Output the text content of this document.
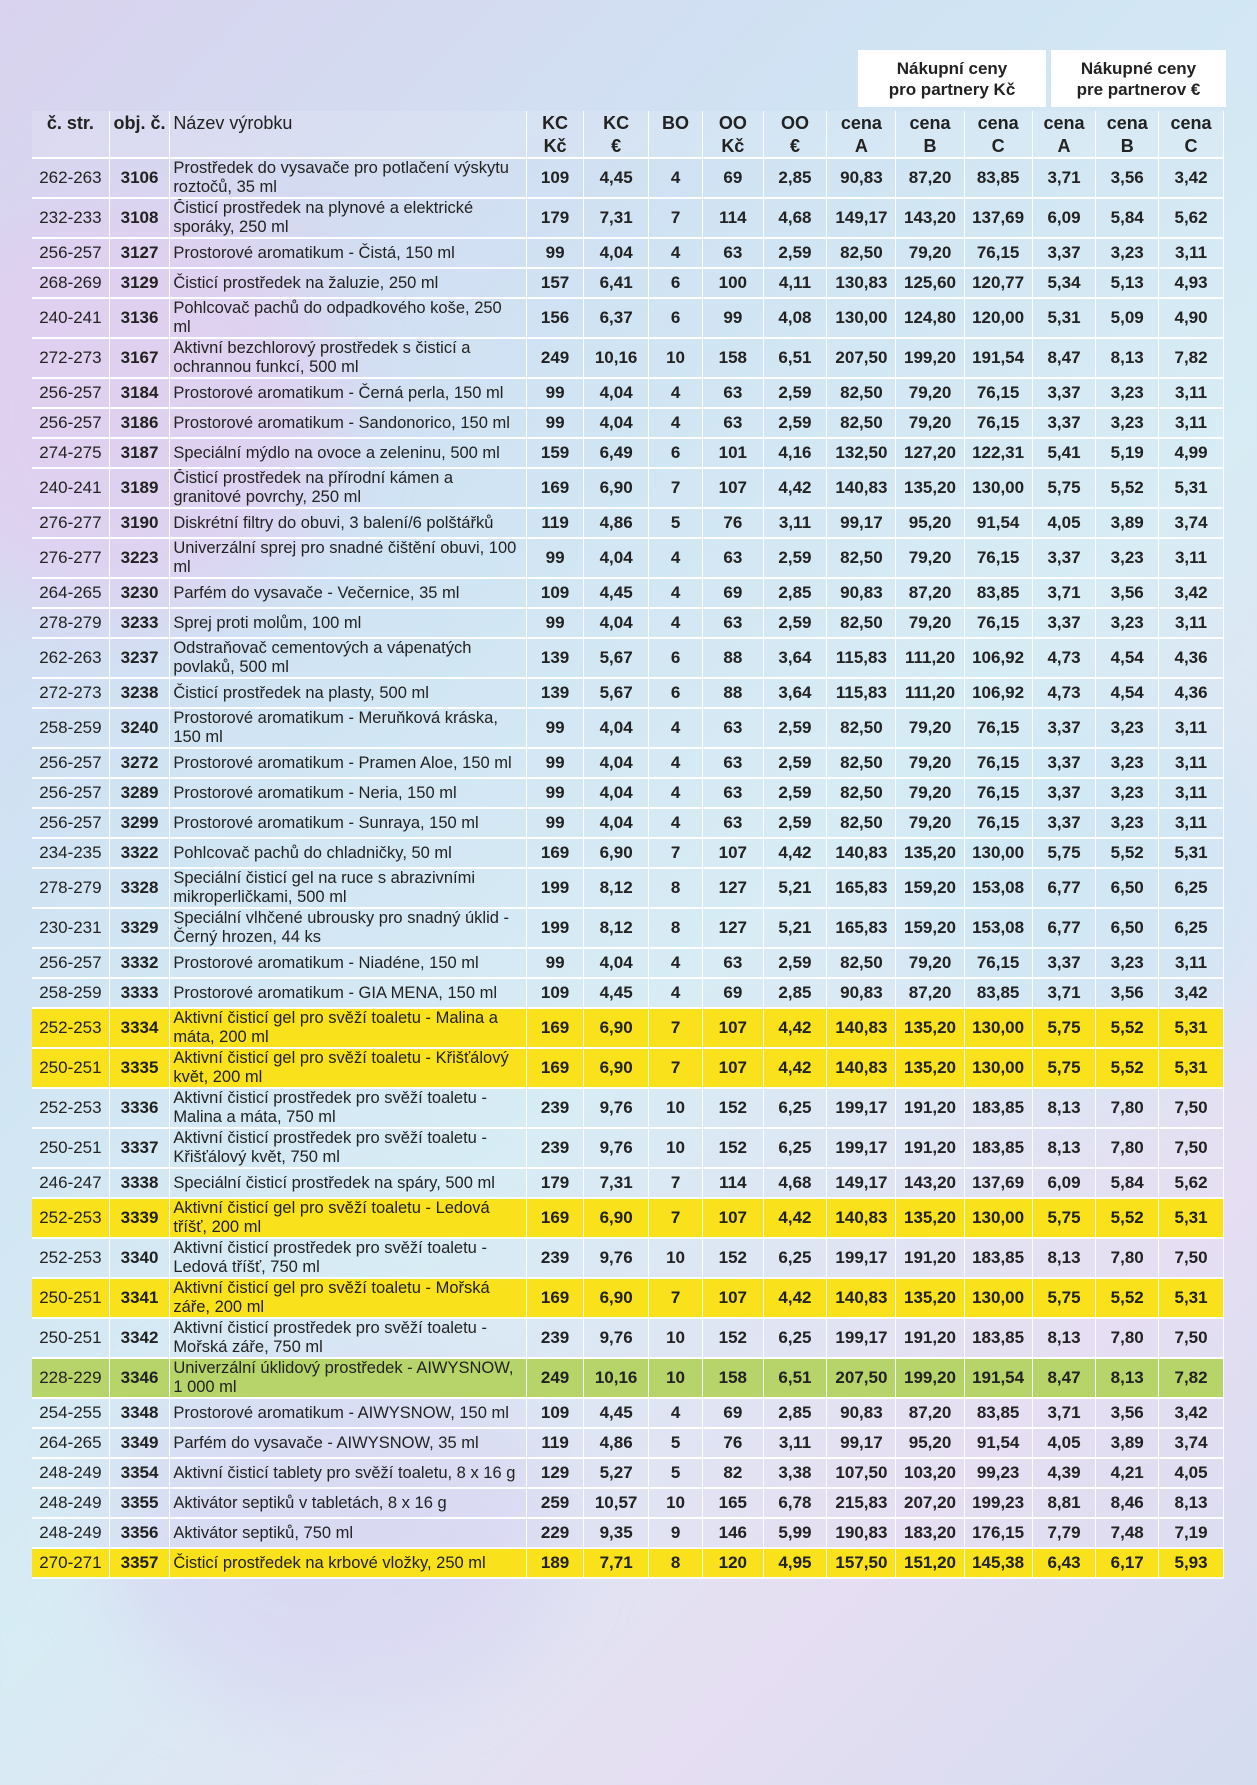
Nákupní ceny
pro partnery Kč
Nákupné ceny
pre partnerov €
č. str.	obj. č.	Název výrobku	KC	KC	BO	OO	OO	cena	cena	cena	cena	cena	cena
			Kč	€		Kč	€	A	B	C	A	B	C
262-263	3106	Prostředek do vysavače pro potlačení výskytu roztočů, 35 ml	109	4,45	4	69	2,85	90,83	87,20	83,85	3,71	3,56	3,42
232-233	3108	Čisticí prostředek na plynové a elektrické sporáky, 250 ml	179	7,31	7	114	4,68	149,17	143,20	137,69	6,09	5,84	5,62
256-257	3127	Prostorové aromatikum - Čistá, 150 ml	99	4,04	4	63	2,59	82,50	79,20	76,15	3,37	3,23	3,11
268-269	3129	Čisticí prostředek na žaluzie, 250 ml	157	6,41	6	100	4,11	130,83	125,60	120,77	5,34	5,13	4,93
240-241	3136	Pohlcovač pachů do odpadkového koše, 250 ml	156	6,37	6	99	4,08	130,00	124,80	120,00	5,31	5,09	4,90
272-273	3167	Aktivní bezchlorový prostředek s čisticí a ochrannou funkcí, 500 ml	249	10,16	10	158	6,51	207,50	199,20	191,54	8,47	8,13	7,82
256-257	3184	Prostorové aromatikum - Černá perla, 150 ml	99	4,04	4	63	2,59	82,50	79,20	76,15	3,37	3,23	3,11
256-257	3186	Prostorové aromatikum - Sandonorico, 150 ml	99	4,04	4	63	2,59	82,50	79,20	76,15	3,37	3,23	3,11
274-275	3187	Speciální mýdlo na ovoce a zeleninu, 500 ml	159	6,49	6	101	4,16	132,50	127,20	122,31	5,41	5,19	4,99
240-241	3189	Čisticí prostředek na přírodní kámen a granitové povrchy, 250 ml	169	6,90	7	107	4,42	140,83	135,20	130,00	5,75	5,52	5,31
276-277	3190	Diskrétní filtry do obuvi, 3 balení/6 polštářků	119	4,86	5	76	3,11	99,17	95,20	91,54	4,05	3,89	3,74
276-277	3223	Univerzální sprej pro snadné čištění obuvi, 100 ml	99	4,04	4	63	2,59	82,50	79,20	76,15	3,37	3,23	3,11
264-265	3230	Parfém do vysavače - Večernice, 35 ml	109	4,45	4	69	2,85	90,83	87,20	83,85	3,71	3,56	3,42
278-279	3233	Sprej proti molům, 100 ml	99	4,04	4	63	2,59	82,50	79,20	76,15	3,37	3,23	3,11
262-263	3237	Odstraňovač cementových a vápenatých povlaků, 500 ml	139	5,67	6	88	3,64	115,83	111,20	106,92	4,73	4,54	4,36
272-273	3238	Čisticí prostředek na plasty, 500 ml	139	5,67	6	88	3,64	115,83	111,20	106,92	4,73	4,54	4,36
258-259	3240	Prostorové aromatikum - Meruňková kráska, 150 ml	99	4,04	4	63	2,59	82,50	79,20	76,15	3,37	3,23	3,11
256-257	3272	Prostorové aromatikum - Pramen Aloe, 150 ml	99	4,04	4	63	2,59	82,50	79,20	76,15	3,37	3,23	3,11
256-257	3289	Prostorové aromatikum - Neria, 150 ml	99	4,04	4	63	2,59	82,50	79,20	76,15	3,37	3,23	3,11
256-257	3299	Prostorové aromatikum - Sunraya, 150 ml	99	4,04	4	63	2,59	82,50	79,20	76,15	3,37	3,23	3,11
234-235	3322	Pohlcovač pachů do chladničky, 50 ml	169	6,90	7	107	4,42	140,83	135,20	130,00	5,75	5,52	5,31
278-279	3328	Speciální čisticí gel na ruce s abrazivními mikroperličkami, 500 ml	199	8,12	8	127	5,21	165,83	159,20	153,08	6,77	6,50	6,25
230-231	3329	Speciální vlhčené ubrousky pro snadný úklid - Černý hrozen, 44 ks	199	8,12	8	127	5,21	165,83	159,20	153,08	6,77	6,50	6,25
256-257	3332	Prostorové aromatikum - Niadéne, 150 ml	99	4,04	4	63	2,59	82,50	79,20	76,15	3,37	3,23	3,11
258-259	3333	Prostorové aromatikum - GIA MENA, 150 ml	109	4,45	4	69	2,85	90,83	87,20	83,85	3,71	3,56	3,42
252-253	3334	Aktivní čisticí gel pro svěží toaletu - Malina a máta, 200 ml	169	6,90	7	107	4,42	140,83	135,20	130,00	5,75	5,52	5,31
250-251	3335	Aktivní čisticí gel pro svěží toaletu - Křišťálový květ, 200 ml	169	6,90	7	107	4,42	140,83	135,20	130,00	5,75	5,52	5,31
252-253	3336	Aktivní čisticí prostředek pro svěží toaletu - Malina a máta, 750 ml	239	9,76	10	152	6,25	199,17	191,20	183,85	8,13	7,80	7,50
250-251	3337	Aktivní čisticí prostředek pro svěží toaletu - Křišťálový květ, 750 ml	239	9,76	10	152	6,25	199,17	191,20	183,85	8,13	7,80	7,50
246-247	3338	Speciální čisticí prostředek na spáry, 500 ml	179	7,31	7	114	4,68	149,17	143,20	137,69	6,09	5,84	5,62
252-253	3339	Aktivní čisticí gel pro svěží toaletu - Ledová tříšť, 200 ml	169	6,90	7	107	4,42	140,83	135,20	130,00	5,75	5,52	5,31
252-253	3340	Aktivní čisticí prostředek pro svěží toaletu - Ledová tříšť, 750 ml	239	9,76	10	152	6,25	199,17	191,20	183,85	8,13	7,80	7,50
250-251	3341	Aktivní čisticí gel pro svěží toaletu - Mořská záře, 200 ml	169	6,90	7	107	4,42	140,83	135,20	130,00	5,75	5,52	5,31
250-251	3342	Aktivní čisticí prostředek pro svěží toaletu - Mořská záře, 750 ml	239	9,76	10	152	6,25	199,17	191,20	183,85	8,13	7,80	7,50
228-229	3346	Univerzální úklidový prostředek - AIWYSNOW, 1 000 ml	249	10,16	10	158	6,51	207,50	199,20	191,54	8,47	8,13	7,82
254-255	3348	Prostorové aromatikum - AIWYSNOW, 150 ml	109	4,45	4	69	2,85	90,83	87,20	83,85	3,71	3,56	3,42
264-265	3349	Parfém do vysavače - AIWYSNOW, 35 ml	119	4,86	5	76	3,11	99,17	95,20	91,54	4,05	3,89	3,74
248-249	3354	Aktivní čisticí tablety pro svěží toaletu, 8 x 16 g	129	5,27	5	82	3,38	107,50	103,20	99,23	4,39	4,21	4,05
248-249	3355	Aktivátor septiků v tabletách, 8 x 16 g	259	10,57	10	165	6,78	215,83	207,20	199,23	8,81	8,46	8,13
248-249	3356	Aktivátor septiků, 750 ml	229	9,35	9	146	5,99	190,83	183,20	176,15	7,79	7,48	7,19
270-271	3357	Čisticí prostředek na krbové vložky, 250 ml	189	7,71	8	120	4,95	157,50	151,20	145,38	6,43	6,17	5,93
